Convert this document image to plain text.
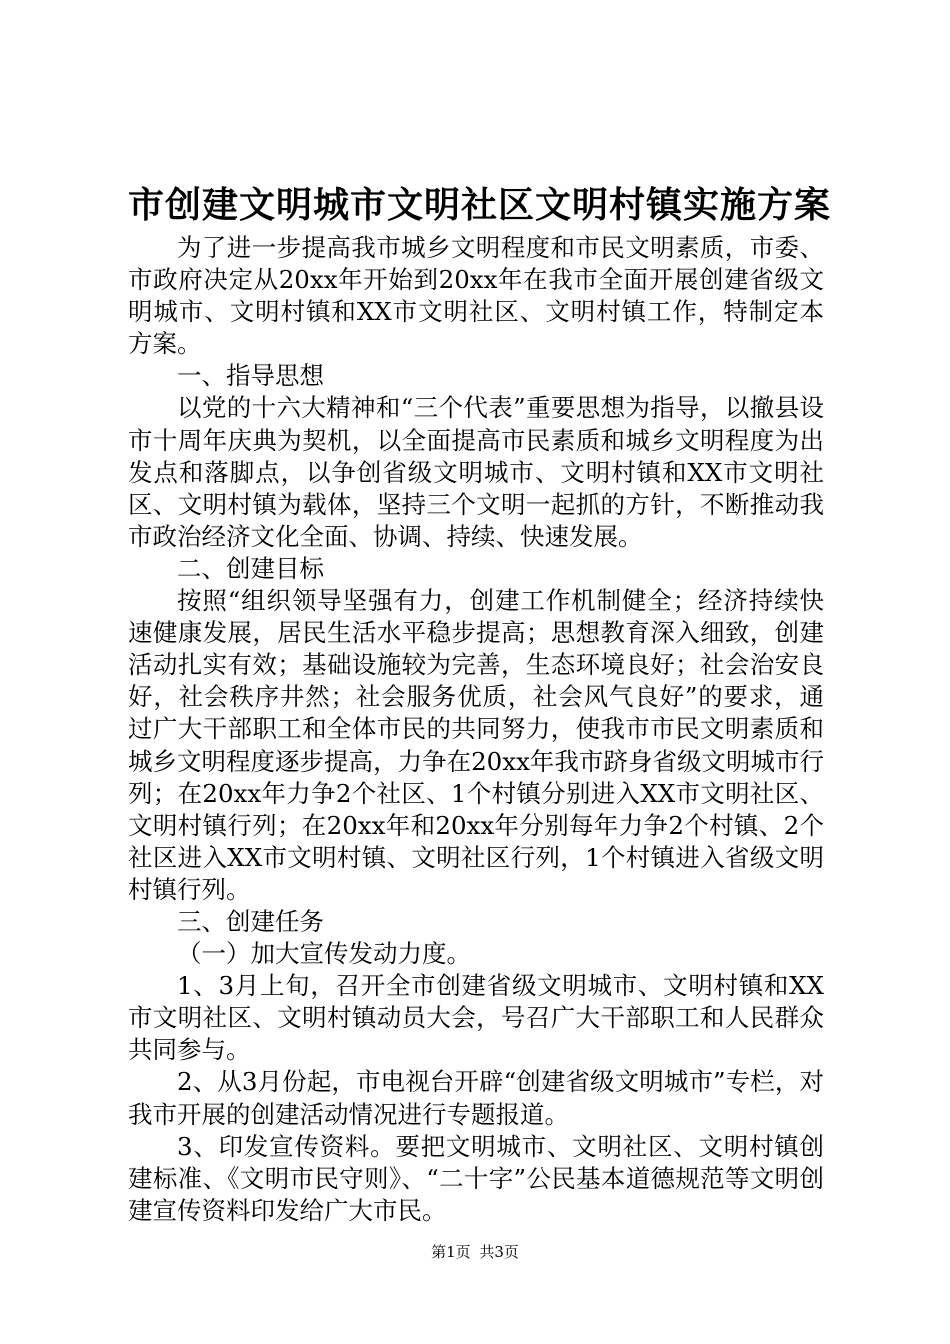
市创建文明城市文明社区文明村镇实施方案

为了进一步提高我市城乡文明程度和市民文明素质，市委、市政府决定从20xx年开始到20xx年在我市全面开展创建省级文明城市、文明村镇和XX市文明社区、文明村镇工作，特制定本方案。

一、指导思想

以党的十六大精神和“三个代表”重要思想为指导，以撤县设市十周年庆典为契机，以全面提高市民素质和城乡文明程度为出发点和落脚点，以争创省级文明城市、文明村镇和XX市文明社区、文明村镇为载体，坚持三个文明一起抓的方针，不断推动我市政治经济文化全面、协调、持续、快速发展。

二、创建目标

按照“组织领导坚强有力，创建工作机制健全；经济持续快速健康发展，居民生活水平稳步提高；思想教育深入细致，创建活动扎实有效；基础设施较为完善，生态环境良好；社会治安良好，社会秩序井然；社会服务优质，社会风气良好”的要求，通过广大干部职工和全体市民的共同努力，使我市市民文明素质和城乡文明程度逐步提高，力争在20xx年我市跻身省级文明城市行列；在20xx年力争2个社区、1个村镇分别进入XX市文明社区、文明村镇行列；在20xx年和20xx年分别每年力争2个村镇、2个社区进入XX市文明村镇、文明社区行列，1个村镇进入省级文明村镇行列。

三、创建任务

（一）加大宣传发动力度。

1、3月上旬，召开全市创建省级文明城市、文明村镇和XX市文明社区、文明村镇动员大会，号召广大干部职工和人民群众共同参与。

2、从3月份起，市电视台开辟“创建省级文明城市”专栏，对我市开展的创建活动情况进行专题报道。

3、印发宣传资料。要把文明城市、文明社区、文明村镇创建标准、《文明市民守则》、“二十字”公民基本道德规范等文明创建宣传资料印发给广大市民。

第1页 共3页
